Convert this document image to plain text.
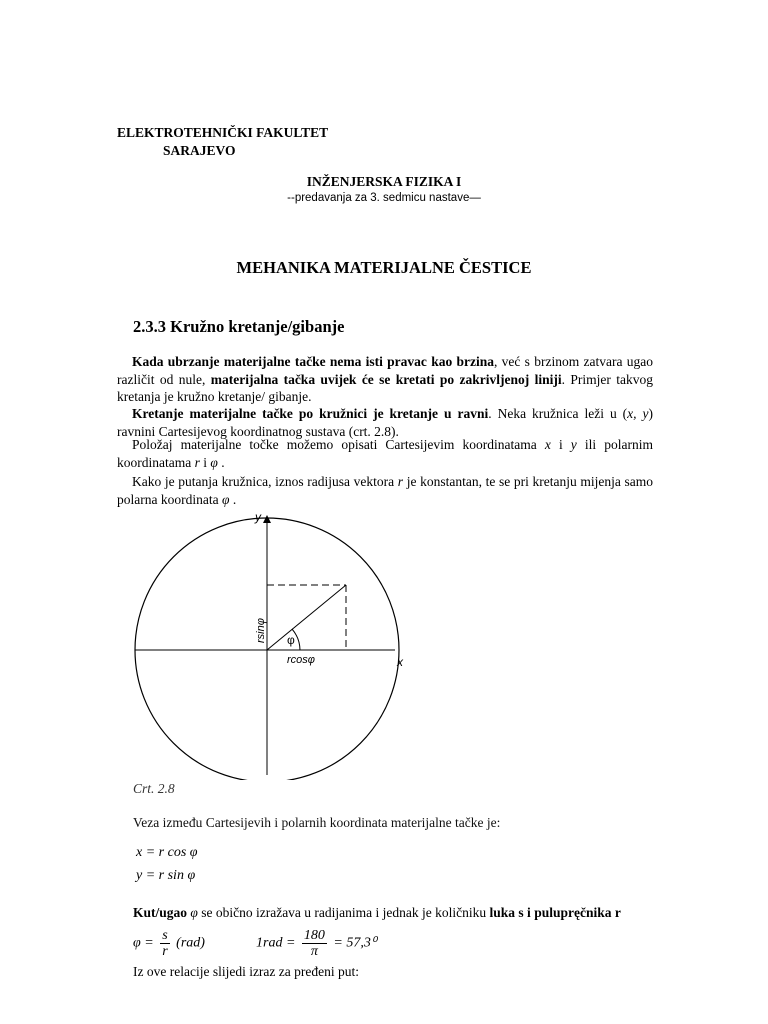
ELEKTROTEHNIČKI FAKULTET
SARAJEVO
INŽENJERSKA FIZIKA I
--predavanja za 3. sedmicu nastave—
MEHANIKA MATERIJALNE ČESTICE
2.3.3 Kružno kretanje/gibanje
Kada ubrzanje materijalne tačke nema isti pravac kao brzina, već s brzinom zatvara ugao različit od nule, materijalna tačka uvijek će se kretati po zakrivljenoj liniji. Primjer takvog kretanja je kružno kretanje/ gibanje.
Kretanje materijalne tačke po kružnici je kretanje u ravni. Neka kružnica leži u (x, y) ravnini Cartesijevog koordinatnog sustava (crt. 2.8).
Položaj materijalne točke možemo opisati Cartesijevim koordinatama x i y ili polarnim koordinatama r i φ .
Kako je putanja kružnica, iznos radijusa vektora r je konstantan, te se pri kretanju mijenja samo polarna koordinata φ .
y
x
φ
rsinφ
rcosφ
Crt. 2.8
Veza između Cartesijevih i polarnih koordinata materijalne tačke je:
x = r cos φ
y = r sin φ
Kut/ugao φ se obično izražava u radijanima i jednak je količniku luka s i pulupręčnika r
$\varphi = \frac{s}{r} (rad)$	$1rad = \frac{180}{\pi} = 57,3^0$
Iz ove relacije slijedi izraz za pređeni put:
